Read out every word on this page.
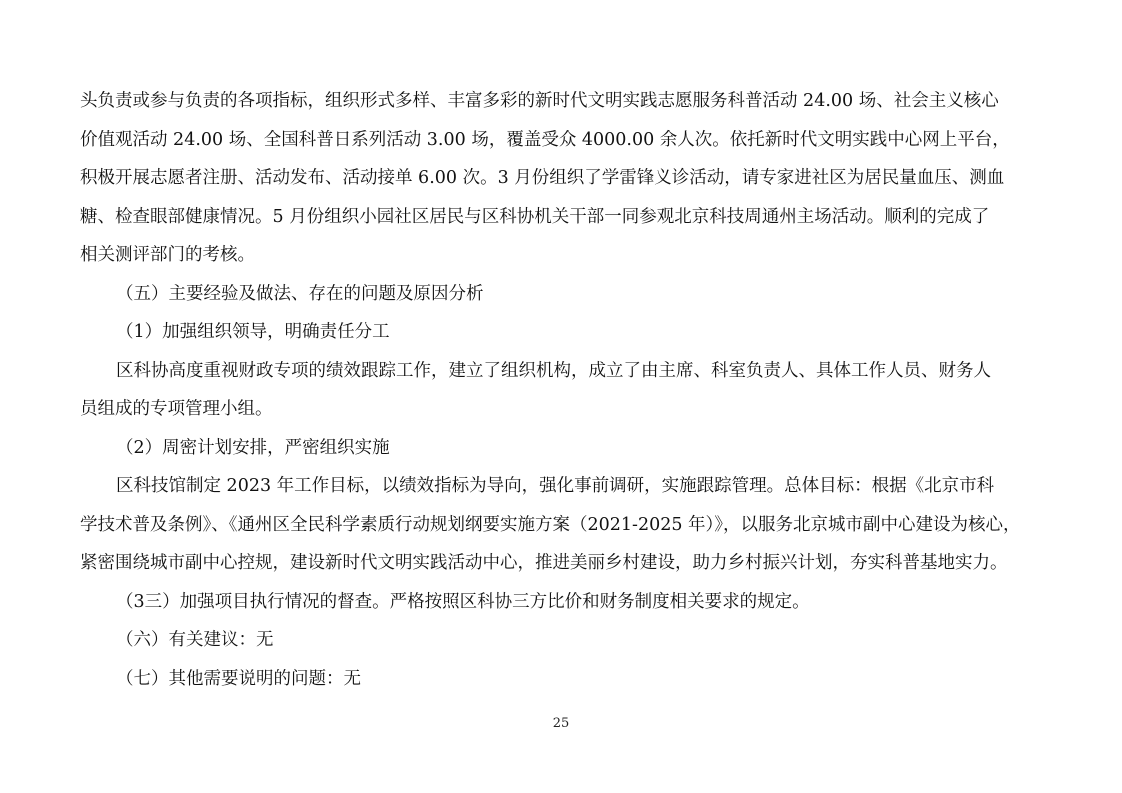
头负责或参与负责的各项指标，组织形式多样、丰富多彩的新时代文明实践志愿服务科普活动 24.00 场、社会主义核心
价值观活动 24.00 场、全国科普日系列活动 3.00 场，覆盖受众 4000.00 余人次。依托新时代文明实践中心网上平台，
积极开展志愿者注册、活动发布、活动接单 6.00 次。3 月份组织了学雷锋义诊活动，请专家进社区为居民量血压、测血
糖、检查眼部健康情况。5 月份组织小园社区居民与区科协机关干部一同参观北京科技周通州主场活动。顺利的完成了
相关测评部门的考核。
（五）主要经验及做法、存在的问题及原因分析
（1）加强组织领导，明确责任分工
区科协高度重视财政专项的绩效跟踪工作，建立了组织机构，成立了由主席、科室负责人、具体工作人员、财务人
员组成的专项管理小组。
（2）周密计划安排，严密组织实施
区科技馆制定 2023 年工作目标，以绩效指标为导向，强化事前调研，实施跟踪管理。总体目标：根据《北京市科
学技术普及条例》、《通州区全民科学素质行动规划纲要实施方案（2021-2025 年）》，以服务北京城市副中心建设为核心，
紧密围绕城市副中心控规，建设新时代文明实践活动中心，推进美丽乡村建设，助力乡村振兴计划，夯实科普基地实力。
（3三）加强项目执行情况的督查。严格按照区科协三方比价和财务制度相关要求的规定。
（六）有关建议：无
（七）其他需要说明的问题：无
25
